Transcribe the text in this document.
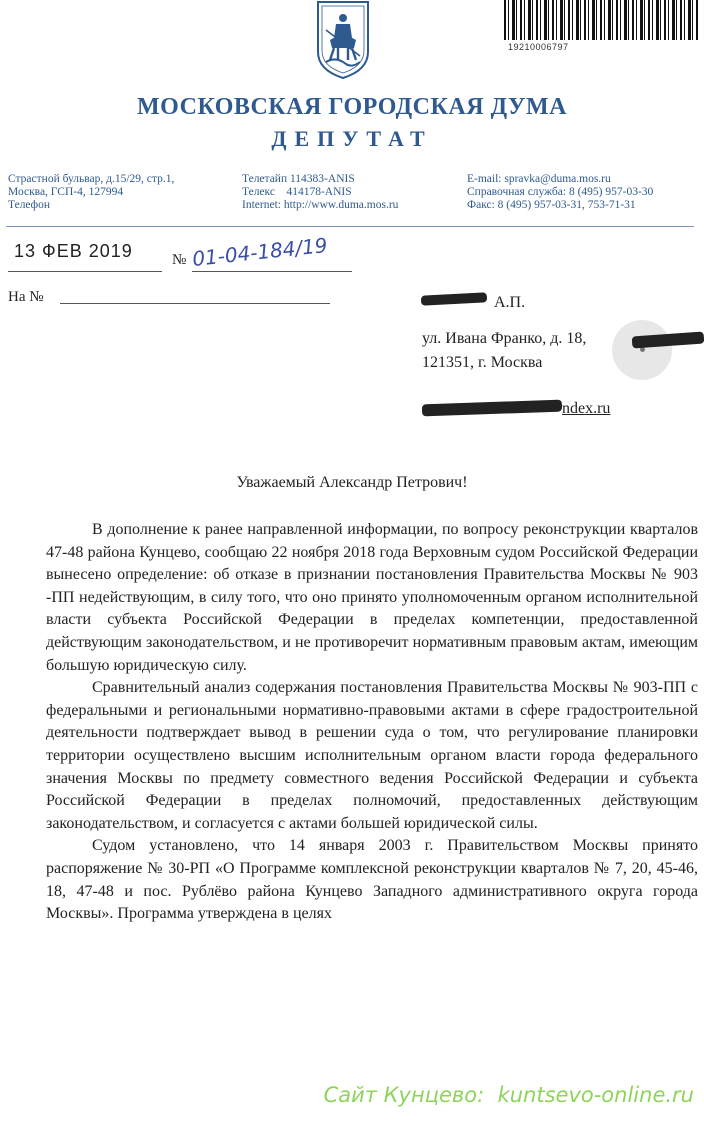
19210006797
МОСКОВСКАЯ ГОРОДСКАЯ ДУМА
ДЕПУТАТ
Страстной бульвар, д.15/29, стр.1,
Москва, ГСП-4, 127994
Телефон
Телетайп 114383-ANIS
Телекс    414178-ANIS
Internet: http://www.duma.mos.ru
E-mail: spravka@duma.mos.ru
Справочная служба: 8 (495) 957-03-30
Факс: 8 (495) 957-03-31, 753-71-31
13 ФЕВ 2019	№ 01-04-184/19
На №	А.П.
ул. Ивана Франко, д. 18,
121351, г. Москва
ndex.ru
Уважаемый Александр Петрович!

В дополнение к ранее направленной информации, по вопросу реконструкции кварталов 47-48 района Кунцево, сообщаю 22 ноября 2018 года Верховным судом Российской Федерации вынесено определение: об отказе в признании постановления Правительства Москвы № 903 -ПП недействующим, в силу того, что оно принято уполномоченным органом исполнительной власти субъекта Российской Федерации в пределах компетенции, предоставленной действующим законодательством, и не противоречит нормативным правовым актам, имеющим большую юридическую силу.

Сравнительный анализ содержания постановления Правительства Москвы № 903-ПП с федеральными и региональными нормативно-правовыми актами в сфере градостроительной деятельности подтверждает вывод в решении суда о том, что регулирование планировки территории осуществлено высшим исполнительным органом власти города федерального значения Москвы по предмету совместного ведения Российской Федерации и субъекта Российской Федерации в пределах полномочий, предоставленных действующим законодательством, и согласуется с актами большей юридической силы.

Судом установлено, что 14 января 2003 г. Правительством Москвы принято распоряжение № 30-РП «О Программе комплексной реконструкции кварталов № 7, 20, 45-46, 18, 47-48 и пос. Рублёво района Кунцево Западного административного округа города Москвы». Программа утверждена в целях

Сайт Кунцево:  kuntsevo-online.ru
